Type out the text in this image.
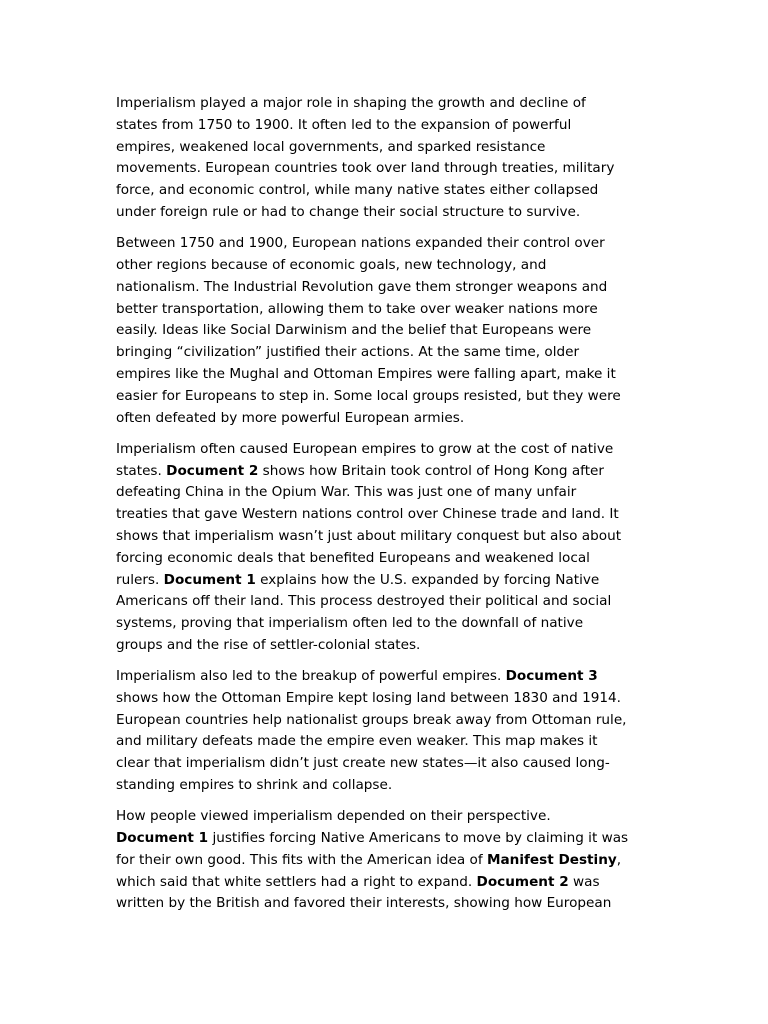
Imperialism played a major role in shaping the growth and decline of
states from 1750 to 1900. It often led to the expansion of powerful
empires, weakened local governments, and sparked resistance
movements. European countries took over land through treaties, military
force, and economic control, while many native states either collapsed
under foreign rule or had to change their social structure to survive.

Between 1750 and 1900, European nations expanded their control over
other regions because of economic goals, new technology, and
nationalism. The Industrial Revolution gave them stronger weapons and
better transportation, allowing them to take over weaker nations more
easily. Ideas like Social Darwinism and the belief that Europeans were
bringing “civilization” justified their actions. At the same time, older
empires like the Mughal and Ottoman Empires were falling apart, make it
easier for Europeans to step in. Some local groups resisted, but they were
often defeated by more powerful European armies.

Imperialism often caused European empires to grow at the cost of native
states. Document 2 shows how Britain took control of Hong Kong after
defeating China in the Opium War. This was just one of many unfair
treaties that gave Western nations control over Chinese trade and land. It
shows that imperialism wasn’t just about military conquest but also about
forcing economic deals that benefited Europeans and weakened local
rulers. Document 1 explains how the U.S. expanded by forcing Native
Americans off their land. This process destroyed their political and social
systems, proving that imperialism often led to the downfall of native
groups and the rise of settler-colonial states.

Imperialism also led to the breakup of powerful empires. Document 3
shows how the Ottoman Empire kept losing land between 1830 and 1914.
European countries help nationalist groups break away from Ottoman rule,
and military defeats made the empire even weaker. This map makes it
clear that imperialism didn’t just create new states—it also caused long-
standing empires to shrink and collapse.

How people viewed imperialism depended on their perspective.
Document 1 justifies forcing Native Americans to move by claiming it was
for their own good. This fits with the American idea of Manifest Destiny,
which said that white settlers had a right to expand. Document 2 was
written by the British and favored their interests, showing how European
